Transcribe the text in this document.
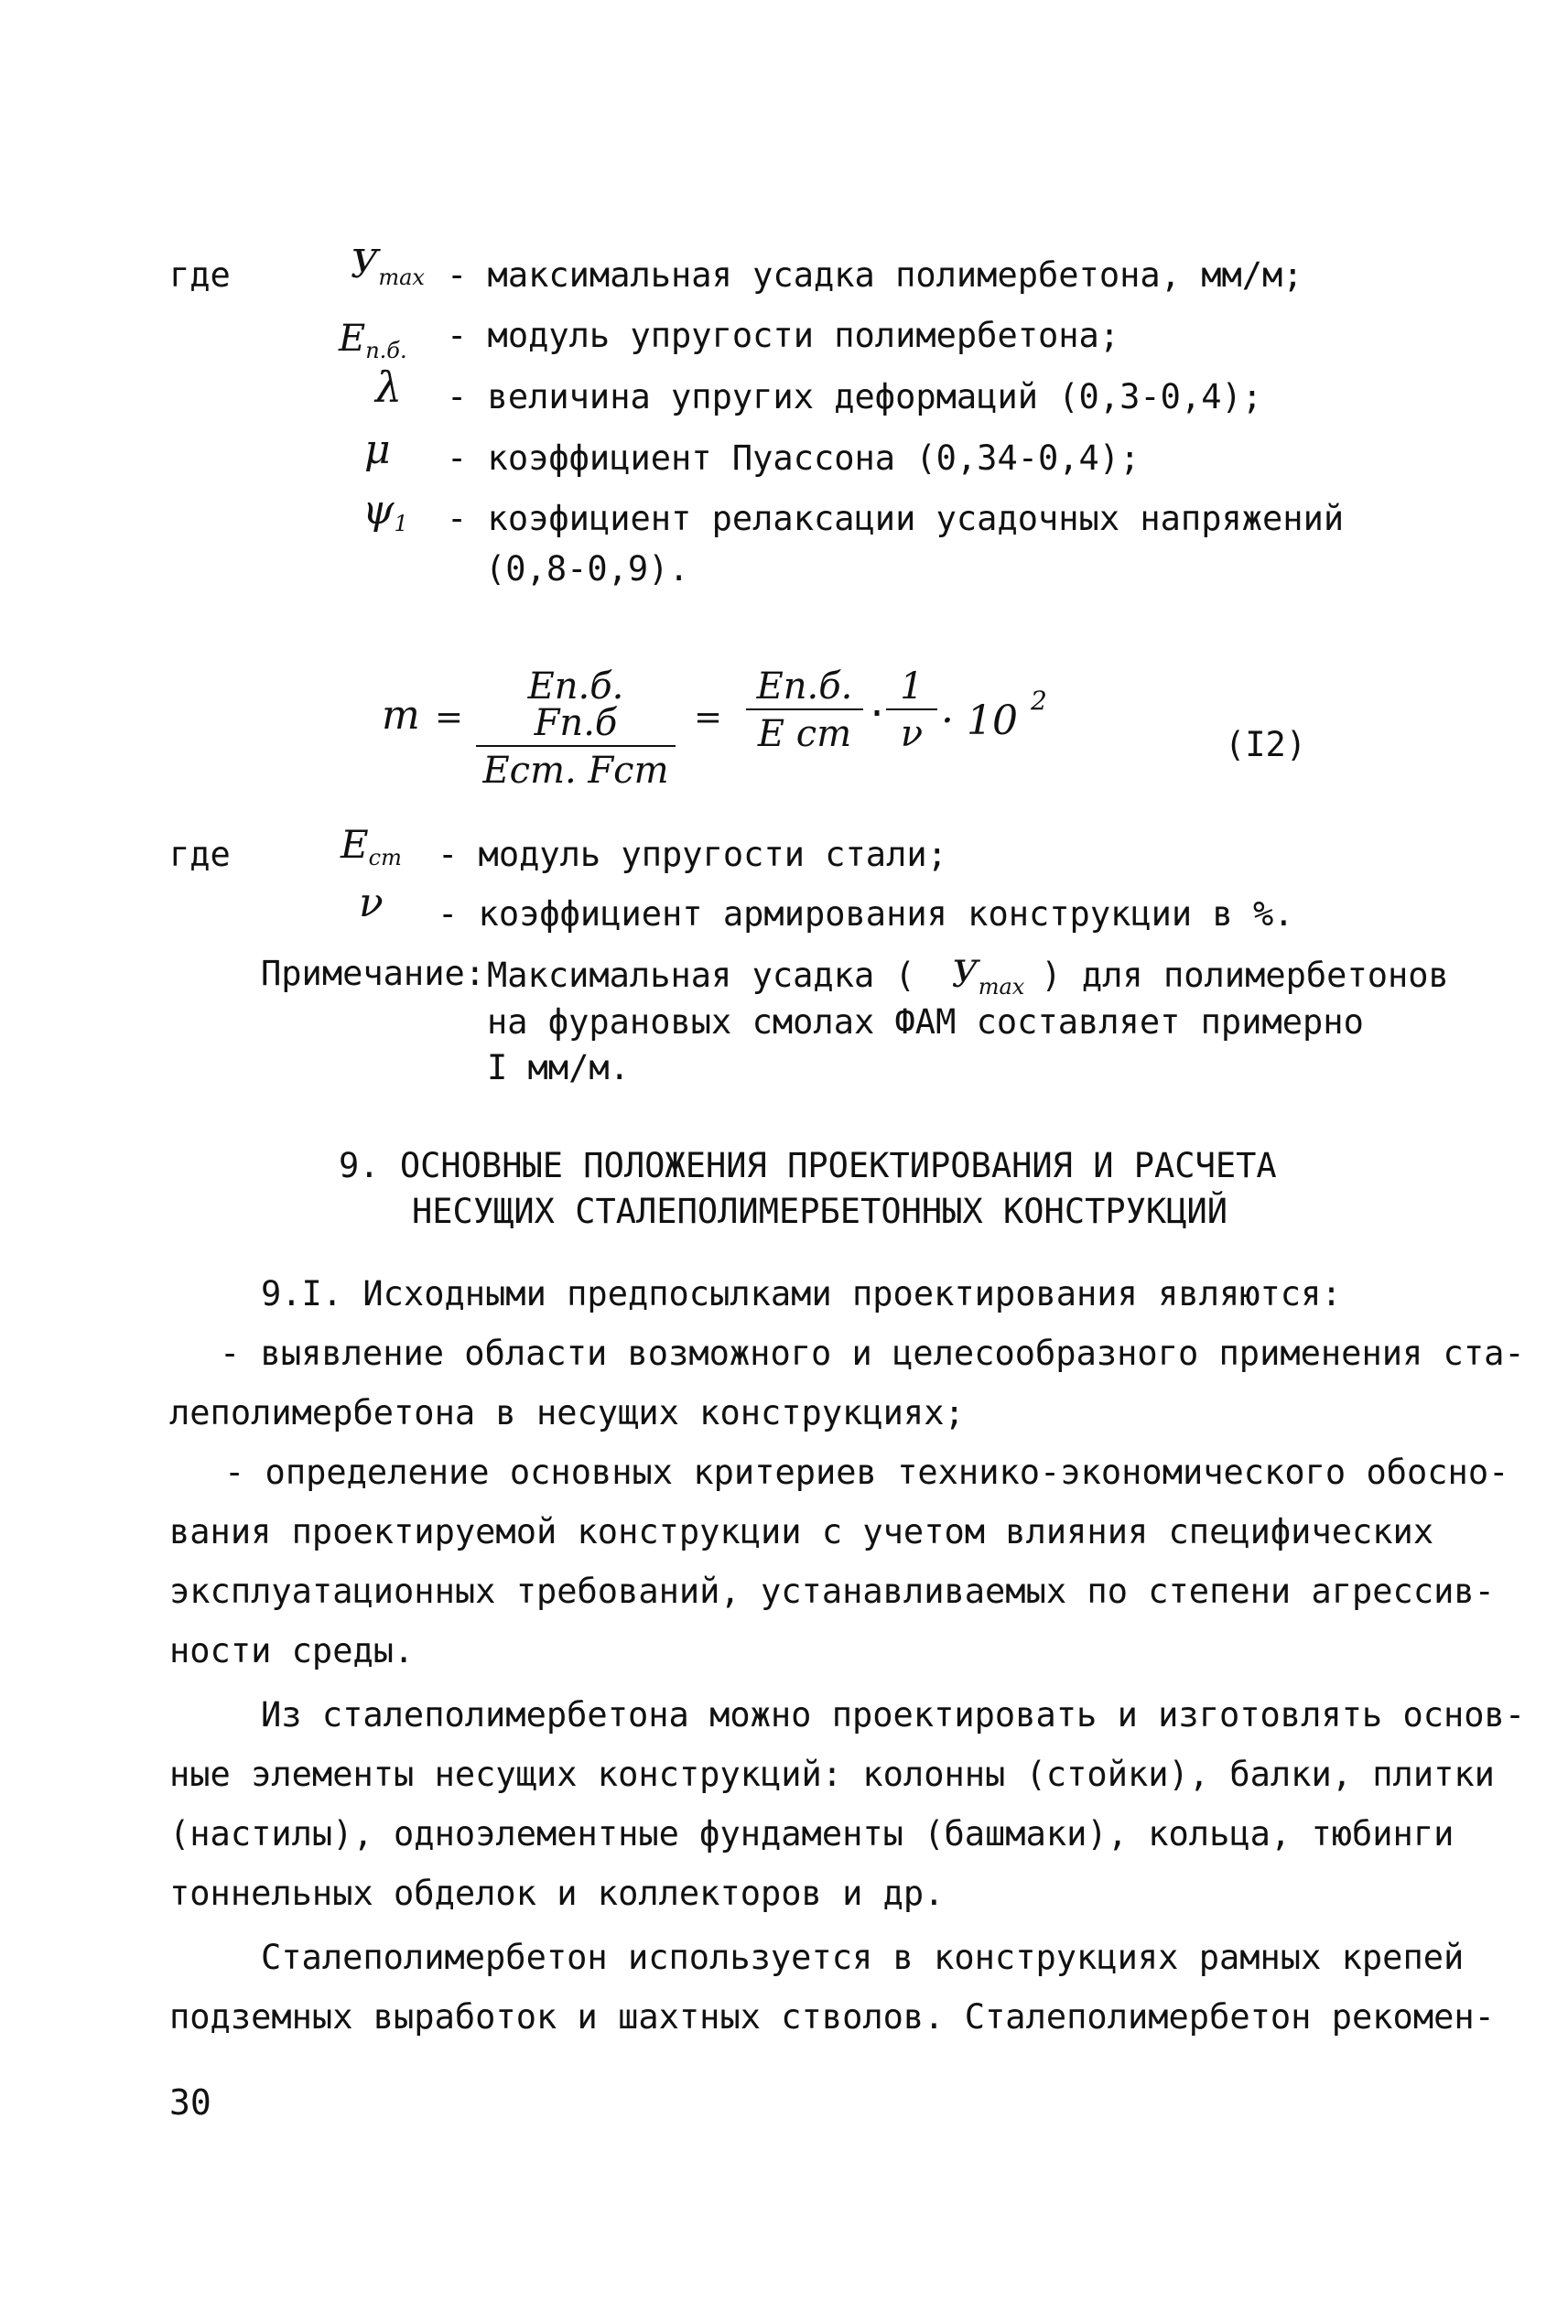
где	$У_{max}$ - максимальная усадка полимербетона, мм/м;
$Е_{п.б.}$ - модуль упругости полимербетона;
λ - величина упругих деформаций (0,3-0,4);
μ - коэффициент Пуассона (0,34-0,4);
$\psi_1$ - коэфициент релаксации усадочных напряжений
(0,8-0,9).
m =
Еп.б. Fп.б
Ест. Fст
=
Еп.б.
Е ст ·
$\frac{1}{\nu} \cdot 10$ 2
(I2)
где	$Е_{ст}$ - модуль упругости стали;
ν - коэффициент армирования конструкции в %.
Примечание: Максимальная усадка ( $У_{max}$ ) для полимербетонов
на фурановых смолах ФАМ составляет примерно
I мм/м.
9. ОСНОВНЫЕ ПОЛОЖЕНИЯ ПРОЕКТИРОВАНИЯ И РАСЧЕТА
НЕСУЩИХ СТАЛЕПОЛИМЕРБЕТОННЫХ КОНСТРУКЦИЙ
9.I. Исходными предпосылками проектирования являются:
- выявление области возможного и целесообразного применения ста-
леполимербетона в несущих конструкциях;
- определение основных критериев технико-экономического обосно-
вания проектируемой конструкции с учетом влияния специфических
эксплуатационных требований, устанавливаемых по степени агрессив-
ности среды.
Из сталеполимербетона можно проектировать и изготовлять основ-
ные элементы несущих конструкций: колонны (стойки), балки, плитки
(настилы), одноэлементные фундаменты (башмаки), кольца, тюбинги
тоннельных обделок и коллекторов и др.
Сталеполимербетон используется в конструкциях рамных крепей
подземных выработок и шахтных стволов. Сталеполимербетон рекомен-
30
